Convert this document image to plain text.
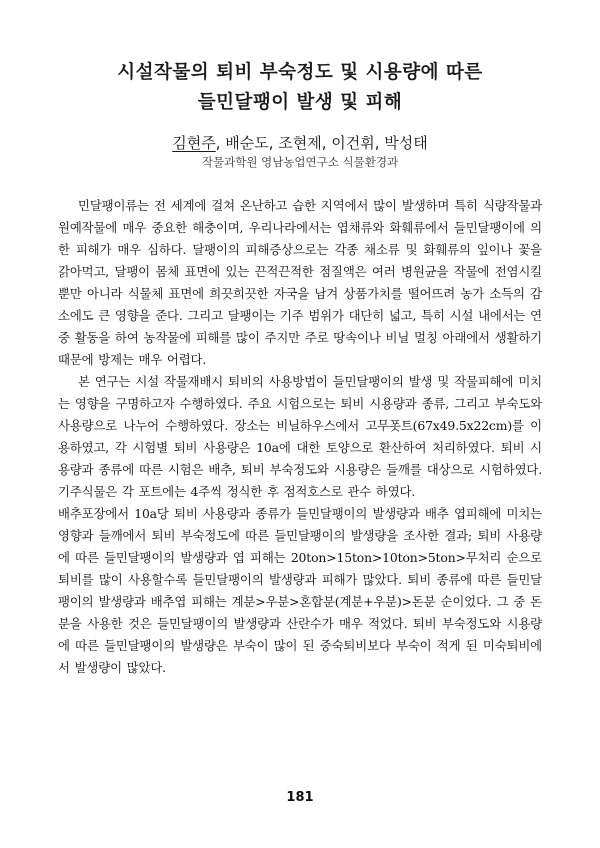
시설작물의 퇴비 부숙정도 및 시용량에 따른
들민달팽이 발생 및 피해
김현주, 배순도, 조현제, 이건휘, 박성태
작물과학원 영남농업연구소 식물환경과

민달팽이류는 전 세계에 걸쳐 온난하고 습한 지역에서 많이 발생하며 특히 식량작물과 원예작물에 매우 중요한 해충이며, 우리나라에서는 엽채류와 화훼류에서 들민달팽이에 의한 피해가 매우 심하다. 달팽이의 피해증상으로는 각종 채소류 및 화훼류의 잎이나 꽃을 갉아먹고, 달팽이 몸체 표면에 있는 끈적끈적한 점질액은 여러 병원균을 작물에 전염시킬 뿐만 아니라 식물체 표면에 희끗희끗한 자국을 남겨 상품가치를 떨어뜨려 농가 소득의 감소에도 큰 영향을 준다. 그리고 달팽이는 기주 범위가 대단히 넓고, 특히 시설 내에서는 연중 활동을 하여 농작물에 피해를 많이 주지만 주로 땅속이나 비닐 멀칭 아래에서 생활하기 때문에 방제는 매우 어렵다.

본 연구는 시설 작물재배시 퇴비의 사용방법이 들민달팽이의 발생 및 작물피해에 미치는 영향을 구명하고자 수행하였다. 주요 시험으로는 퇴비 시용량과 종류, 그리고 부숙도와 사용량으로 나누어 수행하였다. 장소는 비닐하우스에서 고무폿트(67x49.5x22cm)를 이용하였고, 각 시험별 퇴비 사용량은 10a에 대한 토양으로 환산하여 처리하였다. 퇴비 시용량과 종류에 따른 시험은 배추, 퇴비 부숙정도와 시용량은 들깨를 대상으로 시험하였다. 기주식물은 각 포트에는 4주씩 정식한 후 점적호스로 관수 하였다.

배추포장에서 10a당 퇴비 사용량과 종류가 들민달팽이의 발생량과 배추 엽피해에 미치는 영향과 들깨에서 퇴비 부숙정도에 따른 들민달팽이의 발생량을 조사한 결과; 퇴비 사용량에 따른 들민달팽이의 발생량과 엽 피해는 20ton>15ton>10ton>5ton>무처리 순으로 퇴비를 많이 사용할수록 들민달팽이의 발생량과 피해가 많았다. 퇴비 종류에 따른 들민달팽이의 발생량과 배추엽 피해는 계분>우분>혼합분(계분+우분)>돈분 순이었다. 그 중 돈분을 사용한 것은 들민달팽이의 발생량과 산란수가 매우 적었다. 퇴비 부숙정도와 시용량에 따른 들민달팽이의 발생량은 부숙이 많이 된 중숙퇴비보다 부숙이 적게 된 미숙퇴비에서 발생량이 많았다.

181
